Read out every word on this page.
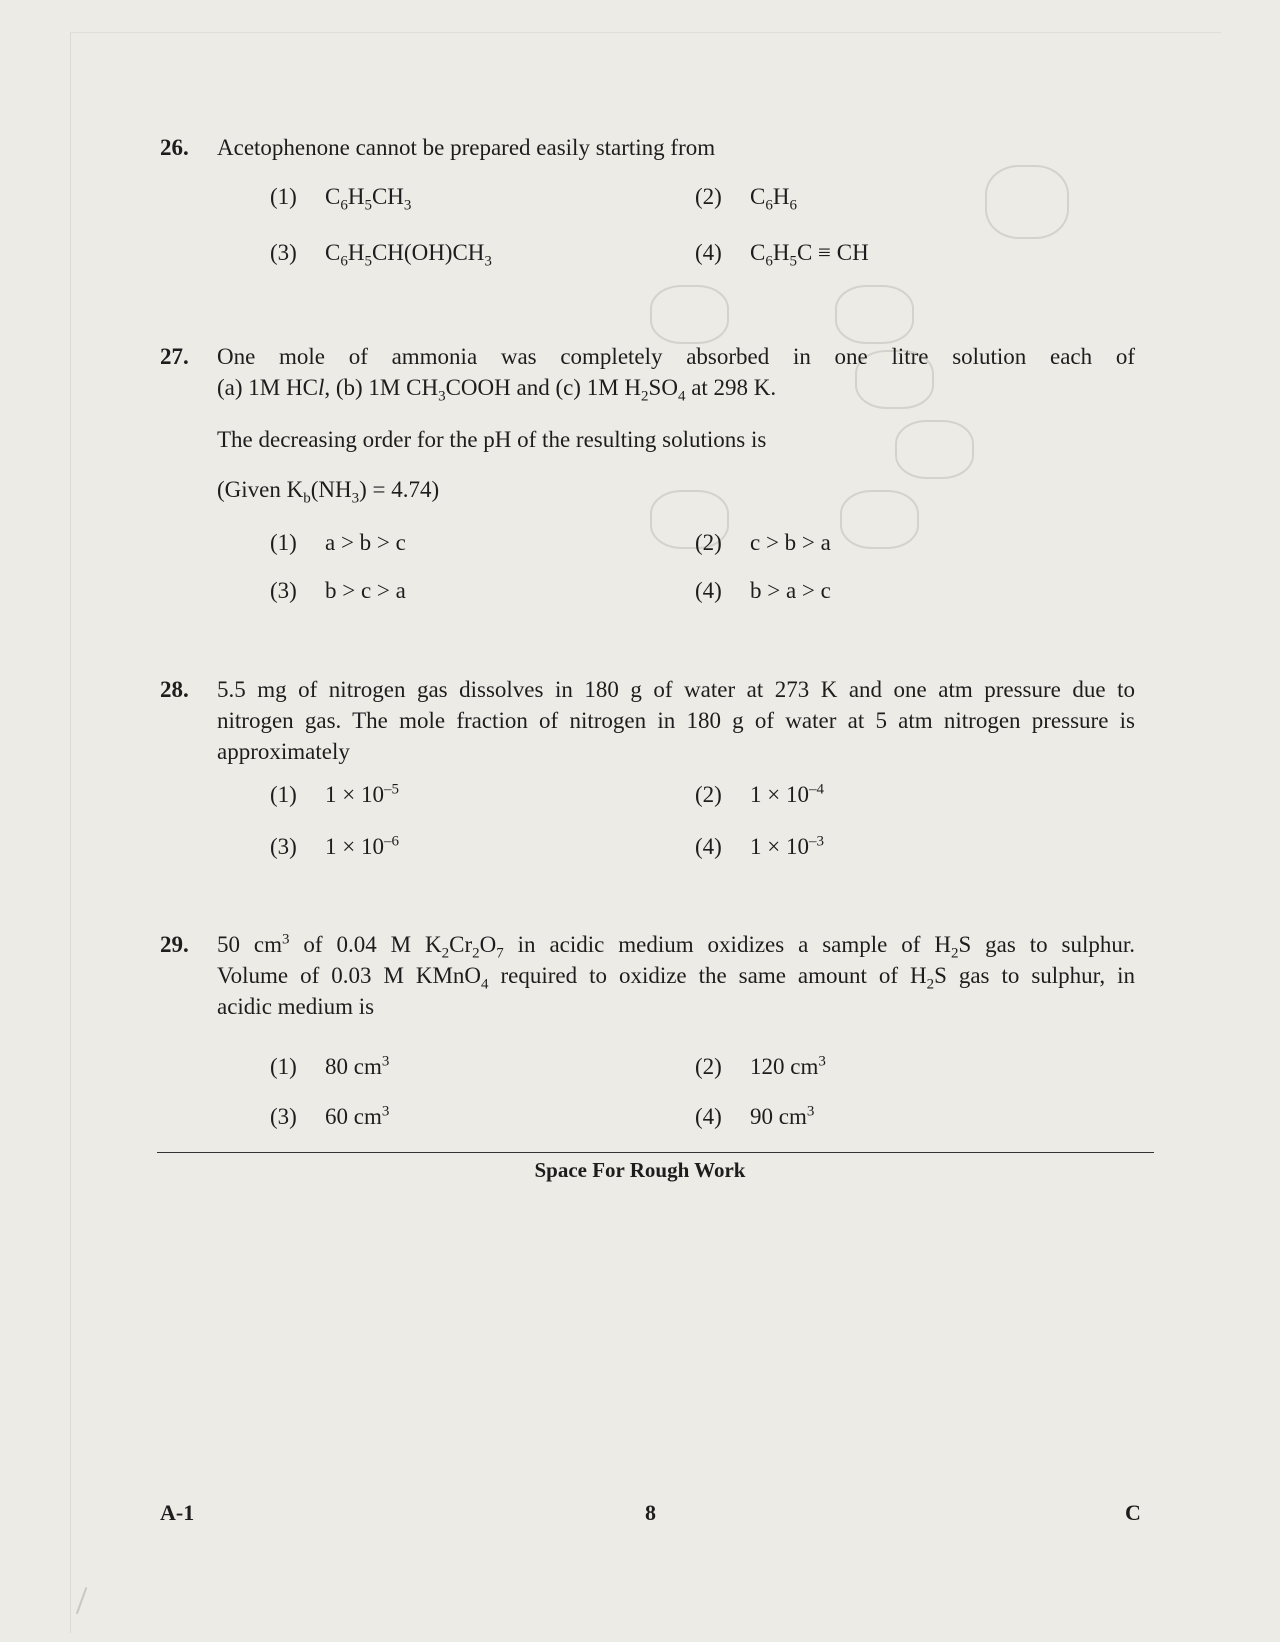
26. Acetophenone cannot be prepared easily starting from
(1) $C_6H_5CH_3$	(2) $C_6H_6$
(3) $C_6H_5CH(OH)CH_3$	(4) $C_6H_5C$ ≡ CH
27. One mole of ammonia was completely absorbed in one litre solution each of
(a) 1M HCl, (b) 1M $CH_3COOH$ and (c) 1M $H_2SO_4$ at 298 K.
The decreasing order for the pH of the resulting solutions is
(Given $K_b(NH_3) = 4.74$)
(1) a > b > c	(2) c > b > a
(3) b > c > a	(4) b > a > c
28. 5.5 mg of nitrogen gas dissolves in 180 g of water at 273 K and one atm pressure due to
nitrogen gas. The mole fraction of nitrogen in 180 g of water at 5 atm nitrogen pressure is
approximately
(1) $1 \times 10^{-5}$	(2) $1 \times 10^{-4}$
(3) $1 \times 10^{-6}$	(4) $1 \times 10^{-3}$
29. 50 $cm^3$ of 0.04 M $K_2Cr_2O_7$ in acidic medium oxidizes a sample of $H_2S$ gas to sulphur.
Volume of 0.03 M KMnO$_4$ required to oxidize the same amount of $H_2S$ gas to sulphur, in
acidic medium is
(1) 80 $cm^3$	(2) 120 $cm^3$
(3) 60 $cm^3$	(4) 90 $cm^3$
Space For Rough Work
A-1	8	C
